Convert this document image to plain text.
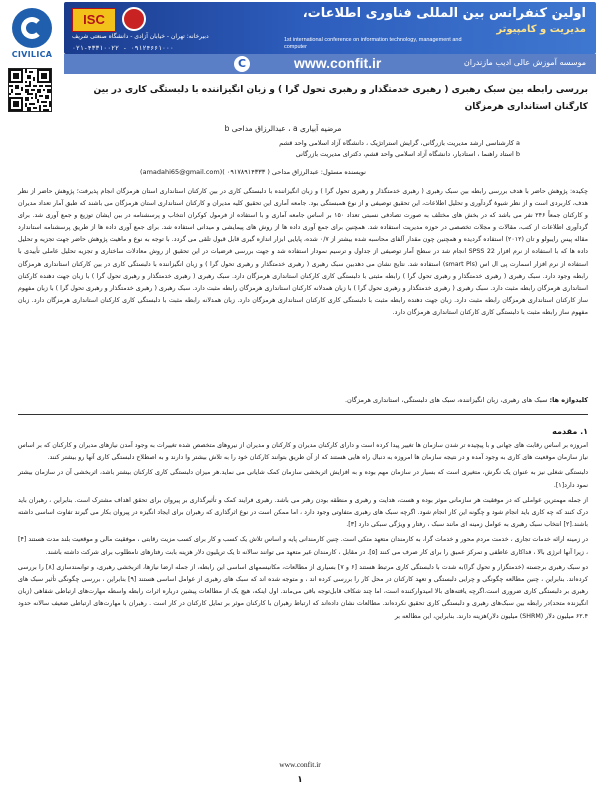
CIVILICA
ISC	اولین کنفرانس بین المللی فناوری اطلاعات،
مدیریت و کامپیوتر
دبیرخانه: تهران - خیابان آزادی - دانشگاه صنعتی شریف
۰۲۱-۴۳۳۱۰۰۲۲ - ۰۹۱۲۴۶۶۱۰۰۰
1st international conference on information technology, management and computer
C	www.confit.ir	موسسه آموزش عالی ادیب مازندران
بررسی رابطه بین سبک رهبری ( رهبری خدمتگذار و رهبری تحول گرا ) و زبان انگیزاننده با دلبستگی کاری در بین کارگنان استانداری هرمزگان
مرضیه آبیاری a ، عبدالرزاق مداحی b
a کارشناسی ارشد مدیریت بازرگانی، گرایش استراتژیک ، دانشگاه آزاد اسلامی واحد قشم
b استاد راهنما ، استادیار، دانشگاه آزاد اسلامی واحد قشم، دکترای مدیریت بازرگانی
نویسنده مسئول: عبدالرزاق مداحی ( ۰۹۱۷۸۹۱۴۳۳۳ )(amadahi65@gmail.com)
چکیده: پژوهش حاضر با هدف بررسی رابطه بین سبک رهبری ( رهبری خدمتگذار و رهبری تحول گرا ) و زبان انگیزاننده با دلبستگی کاری در بین کارکنان استانداری استان هرمزگان انجام پذیرفت؛ پژوهش حاضر از نظر هدف، کاربردی است و از نظر شیوۀ گردآوری و تحلیل اطلاعات، این تحقیق توصیفی و از نوع همبستگی بود. جامعه آماری این تحقیق کلیه مدیران و کارکنان استانداری استان هرمزگان می باشند که طبق آمار تعداد مدیران و کارکنان جمعاً ۲۴۶ نفر می باشد که در بخش های مختلف به صورت تصادفی نسبتی تعداد ۱۵۰ بر اساس جامعه آماری و با استفاده از فرمول کوکران انتخاب و پرسشنامه در بین ایشان توزیع و جمع آوری شد. برای گردآوری اطلاعات از کتب، مقالات و مجلات تخصصی در حوزه مدیریت استفاده شد. همچنین برای جمع آوری داده ها از روش های پیمایشی و میدانی استفاده شد. برای جمع آوری داده ها از طریق پرسشنامه استاندارد مقاله پیس رایبولو و تان (۲۰۱۲) استفاده گردیده و همچنین چون مقدار آلفای محاسبه شده بیشتر از ۰/۷ شده، پایایی ابزار اندازه گیری قابل قبول تلقی می گردد. با توجه به نوع و ماهیت پژوهش حاضر جهت تجزیه و تحلیل داده ها که با استفاده از نرم افزار SPSS 22 انجام شد در سطح آمار توصیفی از جداول و ترسیم نمودار استفاده شد و جهت بررسی فرضیات در این تحقیق از روش معادلات ساختاری و تجزیه تحلیل عاملی تأییدی با استفاده از نرم افزار اسمارت پی ال اس (smart Pls) استفاده شد. نتایج نشان می دهدبین سبک رهبری ( رهبری خدمتگذار و رهبری تحول گرا ) و زبان انگیزاننده با دلبستگی کاری در بین کارکنان استانداری هرمزگان رابطه وجود دارد. سبک رهبری ( رهبری خدمتگذار و رهبری تحول گرا ) رابطه مثبتی با دلبستگی کاری کارکنان استانداری هرمزگان دارد. سبک رهبری ( رهبری خدمتگذار و رهبری تحول گرا ) با زبان جهت دهنده کارکنان استانداری هرمزگان رابطه مثبت دارد. سبک رهبری ( رهبری خدمتگذار و رهبری تحول گرا ) با زبان همدلانه کارکنان استانداری هرمزگان رابطه مثبت دارد. سبک رهبری ( رهبری خدمتگذار و رهبری تحول گرا ) با زبان مفهوم ساز کارکنان استانداری هرمزگان رابطه مثبت دارد. زبان جهت دهنده رابطه مثبت با دلبستگی کاری کارکنان استانداری هرمزگان دارد. زبان همدلانه رابطه مثبت با دلبستگی کاری کارکنان استانداری هرمزگان دارد. زبان مفهوم ساز رابطه مثبت با دلبستگی کاری کارکنان استانداری هرمزگان دارد.
کلیدواژه ها: سبک های رهبری، زبان انگیزاننده، سبک های دلبستگی، استانداری هرمزگان.
۱. مقدمه

امروزه بر اساس رقابت های جهانی و با پیچیده تر شدن سازمان ها تغییر پیدا کرده است و دارای کارکنان مدیران و کارکنان و مدیران از نیروهای متخصص شده تغییرات به وجود آمدن نیازهای مدیران و کارکنان که بر اساس نیاز سازمان موقعیت های کاری به وجود آمده و در نتیجه سازمان ها امروزه به دنبال راه هایی هستند که از آن طریق بتوانند کارکنان خود را به تلاش بیشتر وا دارند و به اصطلاح دلبستگی کاری آنها رو بیشتر کنند.

دلبستگی شغلی نیز به عنوان یک نگرش، متغیری است که بسیار در سازمان مهم بوده و به افزایش اثربخشی سازمان کمک شایانی می نماید.هر میزان دلبستگی کاری کارکنان بیشتر باشد، اثربخشی آن در سازمان بیشتر نمود دارد[۱].

از جمله مهمترین عواملی که در موفقیت هر سازمانی موثر بوده و هست، هدایت و رهبری و منطقه بودن رهبر می باشد. رهبری فرایند کمک و تأثیرگذاری بر پیروان برای تحقق اهداف مشترک است. بنابراین ، رهبران باید درک کنند که چه کاری باید انجام شود و چگونه این کار انجام شود. اگرچه سبک های رهبری متفاوتی وجود دارد ، اما ممکن است در نوع اثرگذاری که رهبران برای ایجاد انگیزه در پیروان بکار می گیرند تفاوت اساسی داشته باشند.[۲] انتخاب سبک رهبری به عوامل زمینه ای مانند سبک ، رفتار و ویژگی سبکی دارد [۳].

در زمینه ارائه خدمات تجاری ، خدمت مردم محور و خدمات گرا، به کارمندان متعهد متکی است. چنین کارمندانی پایه و اساس تلاش یک کسب و کار برای کسب مزیت رقابتی ، موفقیت مالی و موقعیت بلند مدت هستند [۴] ، زیرا آنها انرژی بالا ، فداکاری عاطفی و تمرکز عمیق را برای کار صرف می کنند [۵]. در مقابل ، کارمندان غیر متعهد می توانند سالانه تا یک تریلیون دلار هزینه بابت رفتارهای نامطلوب برای شرکت داشته باشند.

دو سبک رهبری برجسته (خدمتگزار و تحول گرا)به شدت با دلبستگی کاری مرتبط هستند [۶ و ۷] بسیاری از مطالعات، مکانیسمهای اساسی این رابطه، از جمله ارضا نیازها، اثربخشی رهبری، و توانمندسازی [۸] را بررسی کرده‌اند. بنابراین ، چنین مطالعه چگونگی و چرایی دلبستگی و تعهد کارکنان در محل کار را بررسی کرده اند ، و متوجه شده اند که سبک های رهبری از عوامل اساسی هستند [۹] بنابراین ، بررسی چگونگی تأثیر سبک های رهبری بر دلبستگی کاری ضروری است.اگرچه یافته‌های بالا امیدوارکننده است، اما چند شکاف قابل‌توجه باقی می‌ماند. اول اینکه، هیچ یک از مطالعات پیشین درباره اثرات رابطه واسطه مهارت‌های ارتباطی شفاهی (زبان انگیزنده متحد)در رابطه بین سبک‌های رهبری و دلبستگی کاری تحقیق نکرده‌اند. مطالعات نشان داده‌اند که ارتباط رهبران با کارکنان موثر بر تمایل کارکنان در کار است . رهبران با مهارت‌های ارتباطی ضعیف سالانه حدود ۶۲.۴ میلیون دلار (SHRM) میلیون دلار)هزینه دارند. بنابراین، این مطالعه بر

www.confit.ir
۱
